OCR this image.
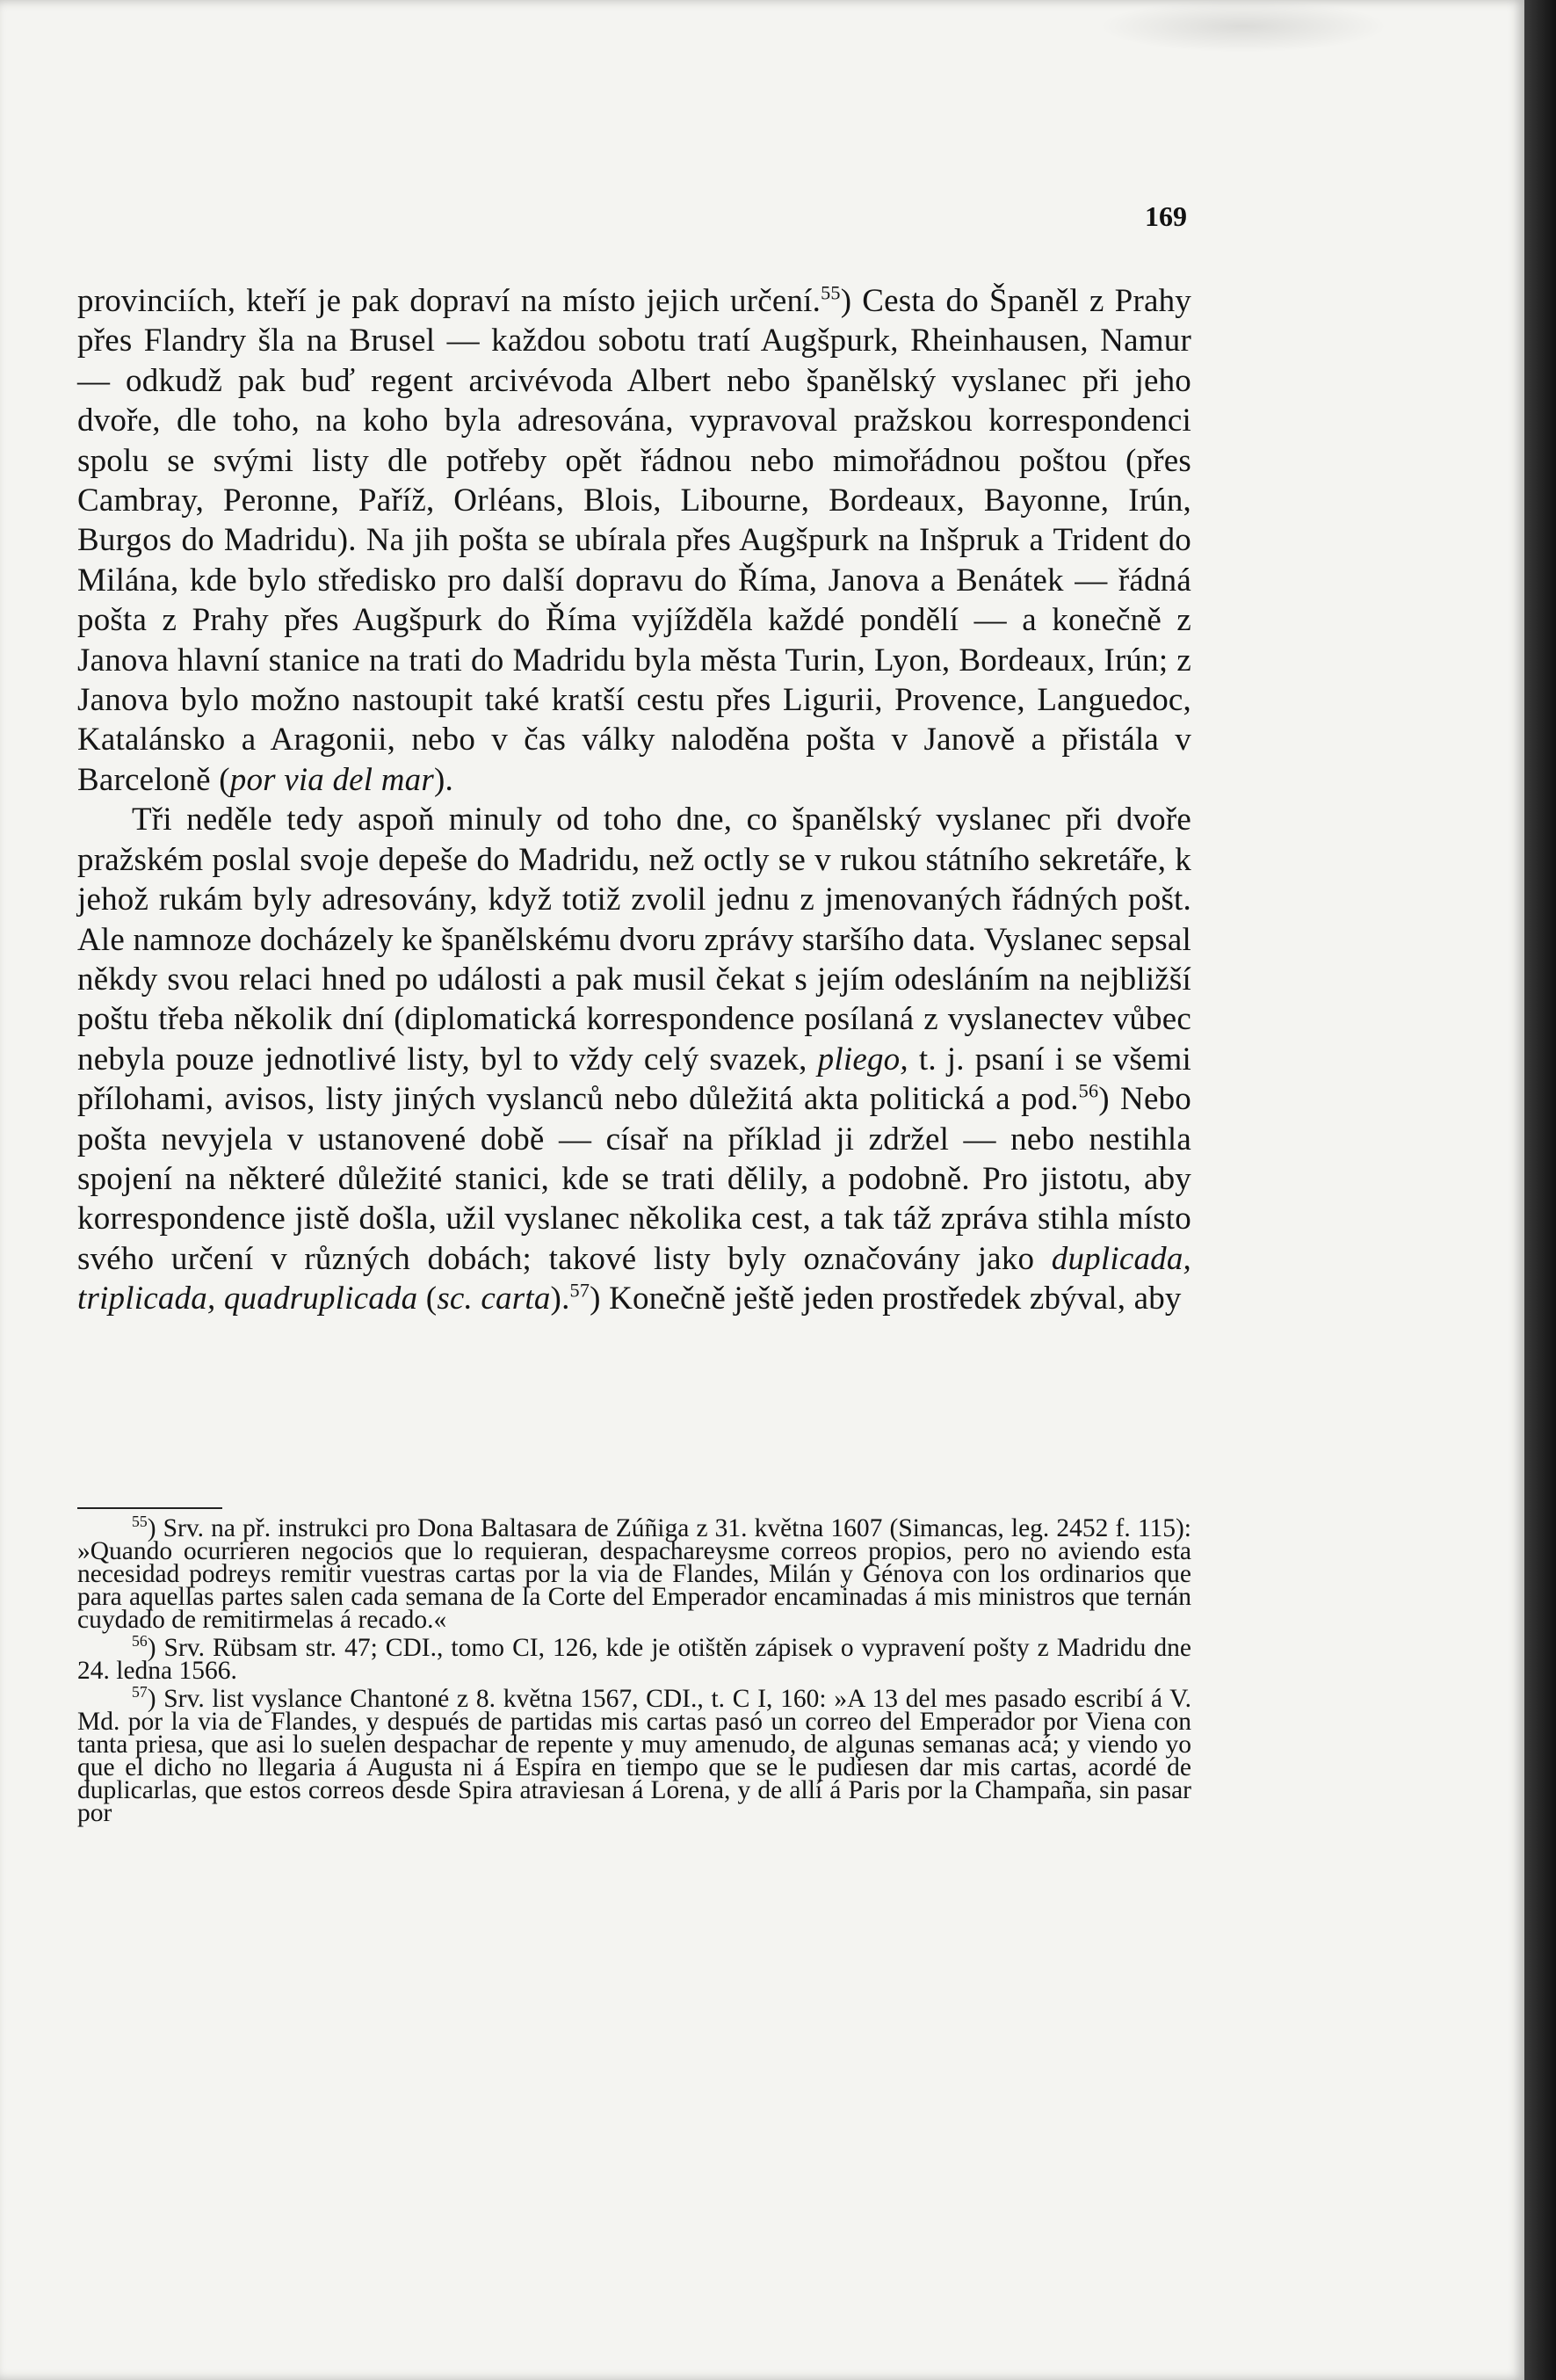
169

provinciích, kteří je pak dopraví na místo jejich určení.$^{55}$) Cesta do Španěl z Prahy přes Flandry šla na Brusel — každou sobotu tratí Augšpurk, Rheinhausen, Namur — odkudž pak buď regent arcivévoda Albert nebo španělský vyslanec při jeho dvoře, dle toho, na koho byla adresována, vypravoval pražskou korrespondenci spolu se svými listy dle potřeby opět řádnou nebo mimořádnou poštou (přes Cambray, Peronne, Paříž, Orléans, Blois, Libourne, Bordeaux, Bayonne, Irún, Burgos do Madridu). Na jih pošta se ubírala přes Augšpurk na Inšpruk a Trident do Milána, kde bylo středisko pro další dopravu do Říma, Janova a Benátek — řádná pošta z Prahy přes Augšpurk do Říma vyjížděla každé pondělí — a konečně z Janova hlavní stanice na trati do Madridu byla města Turin, Lyon, Bordeaux, Irún; z Janova bylo možno nastoupit také kratší cestu přes Ligurii, Provence, Languedoc, Katalánsko a Aragonii, nebo v čas války naloděna pošta v Janově a přistála v Barceloně (por via del mar).

Tři neděle tedy aspoň minuly od toho dne, co španělský vyslanec při dvoře pražském poslal svoje depeše do Madridu, než octly se v rukou státního sekretáře, k jehož rukám byly adresovány, když totiž zvolil jednu z jmenovaných řádných pošt. Ale namnoze docházely ke španělskému dvoru zprávy staršího data. Vyslanec sepsal někdy svou relaci hned po události a pak musil čekat s jejím odesláním na nejbližší poštu třeba několik dní (diplomatická korrespondence posílaná z vyslanectev vůbec nebyla pouze jednotlivé listy, byl to vždy celý svazek, pliego, t. j. psaní i se všemi přílohami, avisos, listy jiných vyslanců nebo důležitá akta politická a pod.$^{56}$) Nebo pošta nevyjela v ustanovené době — císař na příklad ji zdržel — nebo nestihla spojení na některé důležité stanici, kde se trati dělily, a podobně. Pro jistotu, aby korrespondence jistě došla, užil vyslanec několika cest, a tak táž zpráva stihla místo svého určení v různých dobách; takové listy byly označovány jako duplicada, triplicada, quadruplicada (sc. carta).$^{57}$) Konečně ještě jeden prostředek zbýval, aby

$^{55}$) Srv. na př. instrukci pro Dona Baltasara de Zúñiga z 31. května 1607 (Simancas, leg. 2452 f. 115): »Quando ocurrieren negocios que lo requieran, despachareysme correos propios, pero no aviendo esta necesidad podreys remitir vuestras cartas por la via de Flandes, Milán y Génova con los ordinarios que para aquellas partes salen cada semana de la Corte del Emperador encaminadas á mis ministros que ternán cuydado de remitirmelas á recado.«

$^{56}$) Srv. Rübsam str. 47; CDI., tomo CI, 126, kde je otištěn zápisek o vypravení pošty z Madridu dne 24. ledna 1566.

$^{57}$) Srv. list vyslance Chantoné z 8. května 1567, CDI., t. C I, 160: »A 13 del mes pasado escribí á V. Md. por la via de Flandes, y después de partidas mis cartas pasó un correo del Emperador por Viena con tanta priesa, que asi lo suelen despachar de repente y muy amenudo, de algunas semanas acá; y viendo yo que el dicho no llegaria á Augusta ni á Espira en tiempo que se le pudiesen dar mis cartas, acordé de duplicarlas, que estos correos desde Spira atraviesan á Lorena, y de allí á Paris por la Champaña, sin pasar por
